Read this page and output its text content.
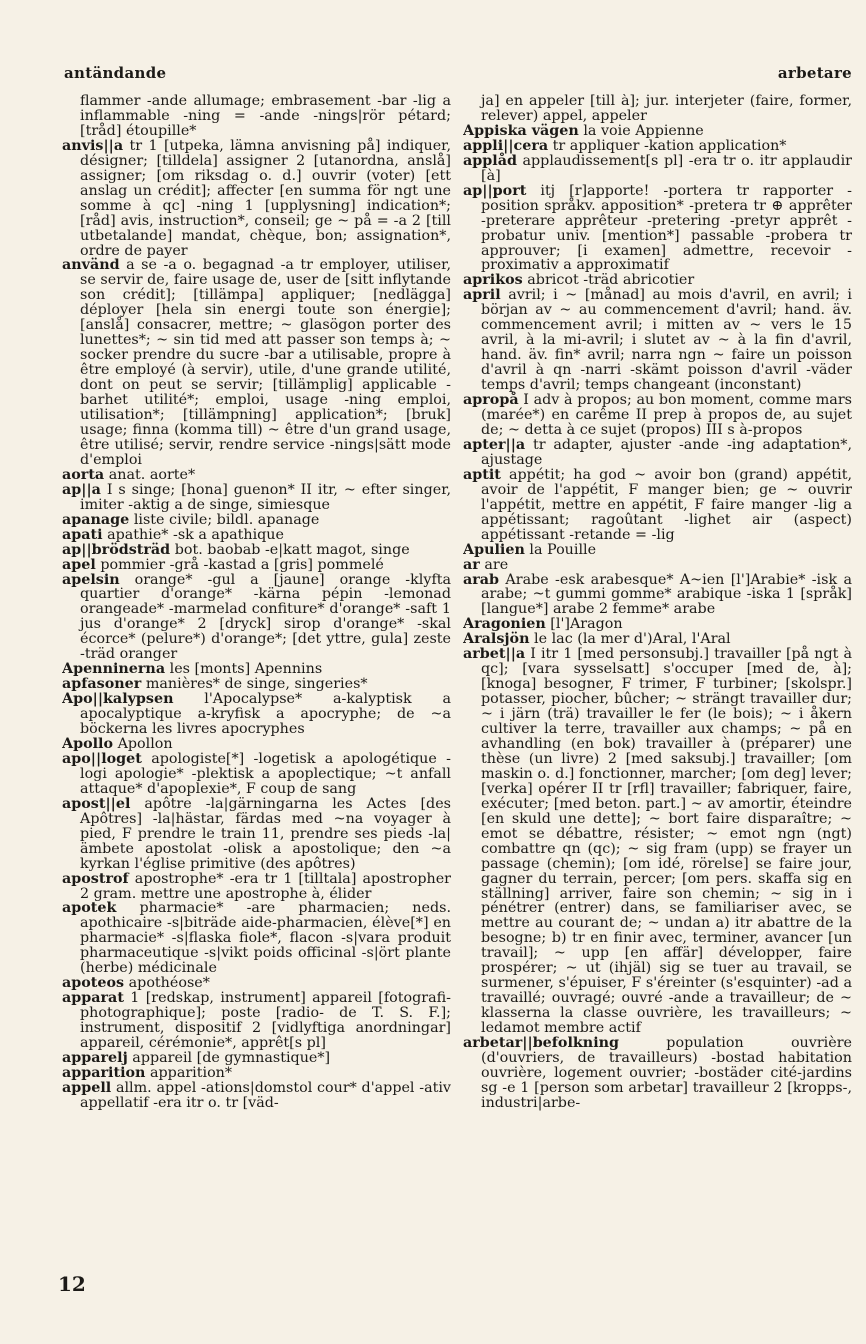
antändande	arbetare

flammer -ande allumage; embrasement -bar -lig a inflammable -ning = -ande -nings|rör pétard; [tråd] étoupille*

anvis||a tr 1 [utpeka, lämna anvisning på] indiquer, désigner; [tilldela] assigner 2 [utanordna, anslå] assigner; [om riksdag o. d.] ouvrir (voter) [ett anslag un crédit]; affecter [en summa för ngt une somme à qc] -ning 1 [upplysning] indication*; [råd] avis, instruction*, conseil; ge ~ på = -a 2 [till utbetalande] mandat, chèque, bon; assignation*, ordre de payer

använd a se -a o. begagnad -a tr employer, utiliser, se servir de, faire usage de, user de [sitt inflytande son crédit]; [tillämpa] appliquer; [nedlägga] déployer [hela sin energi toute son énergie]; [anslå] consacrer, mettre; ~ glasögon porter des lunettes*; ~ sin tid med att passer son temps à; ~ socker prendre du sucre -bar a utilisable, propre à être employé (à servir), utile, d'une grande utilité, dont on peut se servir; [tillämplig] applicable -barhet utilité*; emploi, usage -ning emploi, utilisation*; [tillämpning] application*; [bruk] usage; finna (komma till) ~ être d'un grand usage, être utilisé; servir, rendre service -nings|sätt mode d'emploi

aorta anat. aorte*

ap||a I s singe; [hona] guenon* II itr, ~ efter singer, imiter -aktig a de singe, simiesque

apanage liste civile; bildl. apanage

apati apathie* -sk a apathique

ap||brödsträd bot. baobab -e|katt magot, singe

apel pommier -grå -kastad a [gris] pommelé

apelsin orange* -gul a [jaune] orange -klyfta quartier d'orange* -kärna pépin -lemonad orangeade* -marmelad confiture* d'orange* -saft 1 jus d'orange* 2 [dryck] sirop d'orange* -skal écorce* (pelure*) d'orange*; [det yttre, gula] zeste -träd oranger

Apenninerna les [monts] Apennins

apfasoner manières* de singe, singeries*

Apo||kalypsen l'Apocalypse* a-kalyptisk a apocalyptique a-kryfisk a apocryphe; de ~a böckerna les livres apocryphes

Apollo Apollon

apo||loget apologiste[*] -logetisk a apologétique -logi apologie* -plektisk a apoplectique; ~t anfall attaque* d'apoplexie*, F coup de sang

apost||el apôtre -la|gärningarna les Actes [des Apôtres] -la|hästar, färdas med ~na voyager à pied, F prendre le train 11, prendre ses pieds -la|ämbete apostolat -olisk a apostolique; den ~a kyrkan l'église primitive (des apôtres)

apostrof apostrophe* -era tr 1 [tilltala] apostropher 2 gram. mettre une apostrophe à, élider

apotek pharmacie* -are pharmacien; neds. apothicaire -s|biträde aide-pharmacien, élève[*] en pharmacie* -s|flaska fiole*, flacon -s|vara produit pharmaceutique -s|vikt poids officinal -s|ört plante (herbe) médicinale

apoteos apothéose*

apparat 1 [redskap, instrument] appareil [fotografi- photographique]; poste [radio- de T. S. F.]; instrument, dispositif 2 [vidlyftiga anordningar] appareil, cérémonie*, apprêt[s pl]

apparelj appareil [de gymnastique*]

apparition apparition*

appell allm. appel -ations|domstol cour* d'appel -ativ appellatif -era itr o. tr [väd-

ja] en appeler [till à]; jur. interjeter (faire, former, relever) appel, appeler

Appiska vägen la voie Appienne

appli||cera tr appliquer -kation application*

applåd applaudissement[s pl] -era tr o. itr applaudir [à]

ap||port itj [r]apporte! -portera tr rapporter -position språkv. apposition* -pretera tr ⊕ apprêter -preterare apprêteur -pretering -pretyr apprêt -probatur univ. [mention*] passable -probera tr approuver; [i examen] admettre, recevoir -proximativ a approximatif

aprikos abricot -träd abricotier

april avril; i ~ [månad] au mois d'avril, en avril; i början av ~ au commencement d'avril; hand. äv. commencement avril; i mitten av ~ vers le 15 avril, à la mi-avril; i slutet av ~ à la fin d'avril, hand. äv. fin* avril; narra ngn ~ faire un poisson d'avril à qn -narri -skämt poisson d'avril -väder temps d'avril; temps changeant (inconstant)

apropå I adv à propos; au bon moment, comme mars (marée*) en carême II prep à propos de, au sujet de; ~ detta à ce sujet (propos) III s à-propos

apter||a tr adapter, ajuster -ande -ing adaptation*, ajustage

aptit appétit; ha god ~ avoir bon (grand) appétit, avoir de l'appétit, F manger bien; ge ~ ouvrir l'appétit, mettre en appétit, F faire manger -lig a appétissant; ragoûtant -lighet air (aspect) appétissant -retande = -lig

Apulien la Pouille

ar are

arab Arabe -esk arabesque* A~ien [l']Arabie* -isk a arabe; ~t gummi gomme* arabique -iska 1 [språk] [langue*] arabe 2 femme* arabe

Aragonien [l']Aragon

Aralsjön le lac (la mer d')Aral, l'Aral

arbet||a I itr 1 [med personsubj.] travailler [på ngt à qc]; [vara sysselsatt] s'occuper [med de, à]; [knoga] besogner, F trimer, F turbiner; [skolspr.] potasser, piocher, bûcher; ~ strängt travailler dur; ~ i järn (trä) travailler le fer (le bois); ~ i åkern cultiver la terre, travailler aux champs; ~ på en avhandling (en bok) travailler à (préparer) une thèse (un livre) 2 [med saksubj.] travailler; [om maskin o. d.] fonctionner, marcher; [om deg] lever; [verka] opérer II tr [rfl] travailler; fabriquer, faire, exécuter; [med beton. part.] ~ av amortir, éteindre [en skuld une dette]; ~ bort faire disparaître; ~ emot se débattre, résister; ~ emot ngn (ngt) combattre qn (qc); ~ sig fram (upp) se frayer un passage (chemin); [om idé, rörelse] se faire jour, gagner du terrain, percer; [om pers. skaffa sig en ställning] arriver, faire son chemin; ~ sig in i pénétrer (entrer) dans, se familiariser avec, se mettre au courant de; ~ undan a) itr abattre de la besogne; b) tr en finir avec, terminer, avancer [un travail]; ~ upp [en affär] développer, faire prospérer; ~ ut (ihjäl) sig se tuer au travail, se surmener, s'épuiser, F s'éreinter (s'esquinter) -ad a travaillé; ouvragé; ouvré -ande a travailleur; de ~ klasserna la classe ouvrière, les travailleurs; ~ ledamot membre actif

arbetar||befolkning population ouvrière (d'ouvriers, de travailleurs) -bostad habitation ouvrière, logement ouvrier; -bostäder cité-jardins sg -e 1 [person som arbetar] travailleur 2 [kropps-, industri|arbe-

12
